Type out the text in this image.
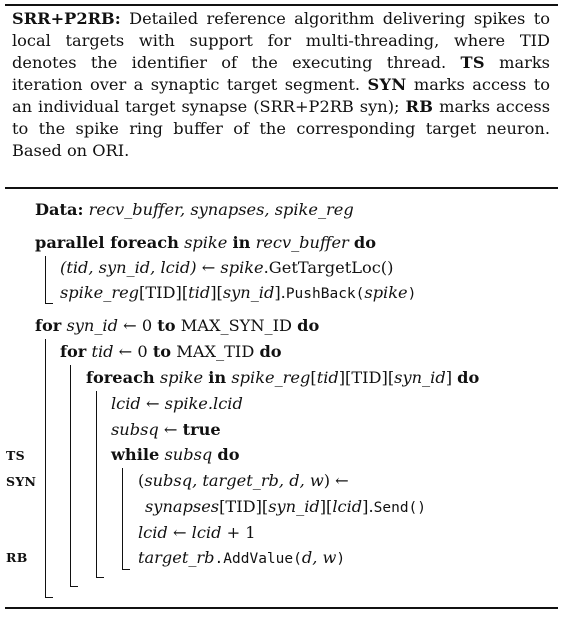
SRR+P2RB: Detailed reference algorithm delivering spikes to local targets with support for multi-threading, where TID denotes the identifier of the executing thread. TS marks iteration over a synaptic target segment. SYN marks access to an individual target synapse (SRR+P2RB syn); RB marks access to the spike ring buffer of the corresponding target neuron. Based on ORI.
Data: recv_buffer, synapses, spike_reg
parallel foreach spike in recv_buffer do
(tid, syn_id, lcid) ← spike.GetTargetLoc()
spike_reg[TID][tid][syn_id].PushBack(spike)
for syn_id ← 0 to MAX_SYN_ID do
for tid ← 0 to MAX_TID do
foreach spike in spike_reg[tid][TID][syn_id] do
lcid ← spike.lcid
subsq ← true
while subsq do
(subsq, target_rb, d, w) ←
synapses[TID][syn_id][lcid].Send()
lcid ← lcid + 1
target_rb.AddValue(d, w)
TS
SYN
RB
